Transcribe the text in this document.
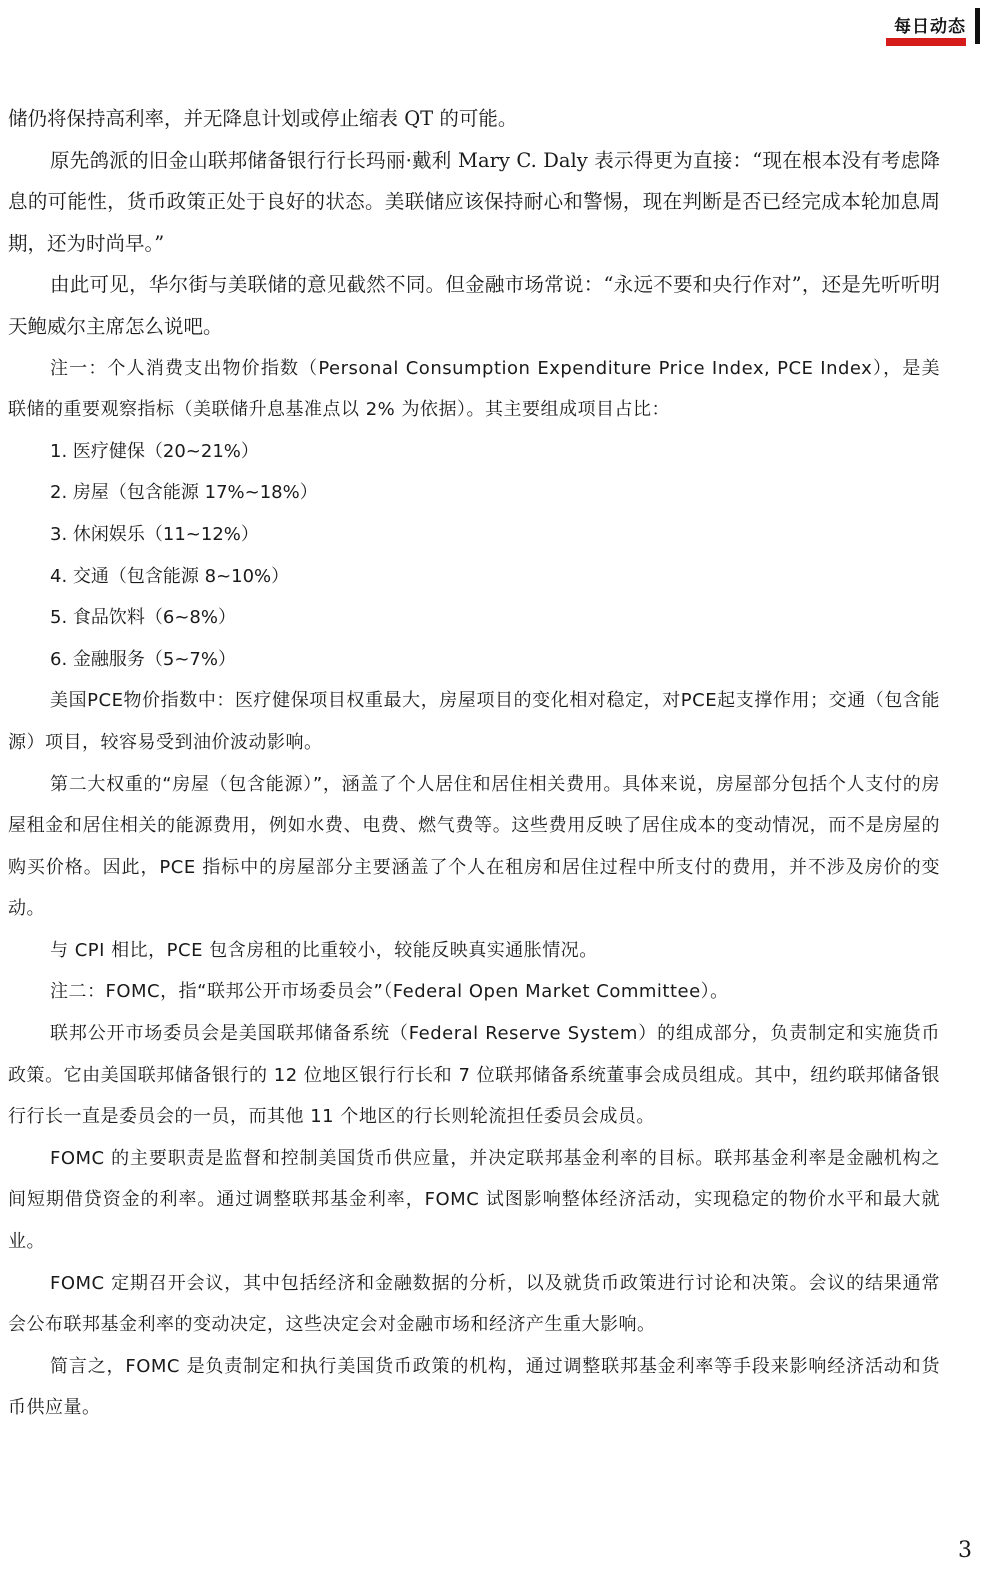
每日动态

储仍将保持高利率，并无降息计划或停止缩表 QT 的可能。

原先鸽派的旧金山联邦储备银行行长玛丽·戴利 Mary C. Daly 表示得更为直接：“现在根本没有考虑降息的可能性，货币政策正处于良好的状态。美联储应该保持耐心和警惕，现在判断是否已经完成本轮加息周期，还为时尚早。”

由此可见，华尔街与美联储的意见截然不同。但金融市场常说：“永远不要和央行作对”，还是先听听明天鲍威尔主席怎么说吧。

注一：个人消费支出物价指数（Personal Consumption Expenditure Price Index, PCE Index），是美联储的重要观察指标（美联储升息基准点以 2% 为依据）。其主要组成项目占比：

1. 医疗健保（20~21%）

2. 房屋（包含能源 17%~18%）

3. 休闲娱乐（11~12%）

4. 交通（包含能源 8~10%）

5. 食品饮料（6~8%）

6. 金融服务（5~7%）

美国PCE物价指数中：医疗健保项目权重最大，房屋项目的变化相对稳定，对PCE起支撑作用；交通（包含能源）项目，较容易受到油价波动影响。

第二大权重的“房屋（包含能源）”，涵盖了个人居住和居住相关费用。具体来说，房屋部分包括个人支付的房屋租金和居住相关的能源费用，例如水费、电费、燃气费等。这些费用反映了居住成本的变动情况，而不是房屋的购买价格。因此，PCE 指标中的房屋部分主要涵盖了个人在租房和居住过程中所支付的费用，并不涉及房价的变动。

与 CPI 相比，PCE 包含房租的比重较小，较能反映真实通胀情况。

注二：FOMC，指“联邦公开市场委员会”（Federal Open Market Committee）。

联邦公开市场委员会是美国联邦储备系统（Federal Reserve System）的组成部分，负责制定和实施货币政策。它由美国联邦储备银行的 12 位地区银行行长和 7 位联邦储备系统董事会成员组成。其中，纽约联邦储备银行行长一直是委员会的一员，而其他 11 个地区的行长则轮流担任委员会成员。

FOMC 的主要职责是监督和控制美国货币供应量，并决定联邦基金利率的目标。联邦基金利率是金融机构之间短期借贷资金的利率。通过调整联邦基金利率，FOMC 试图影响整体经济活动，实现稳定的物价水平和最大就业。

FOMC 定期召开会议，其中包括经济和金融数据的分析，以及就货币政策进行讨论和决策。会议的结果通常会公布联邦基金利率的变动决定，这些决定会对金融市场和经济产生重大影响。

简言之，FOMC 是负责制定和执行美国货币政策的机构，通过调整联邦基金利率等手段来影响经济活动和货币供应量。

3
